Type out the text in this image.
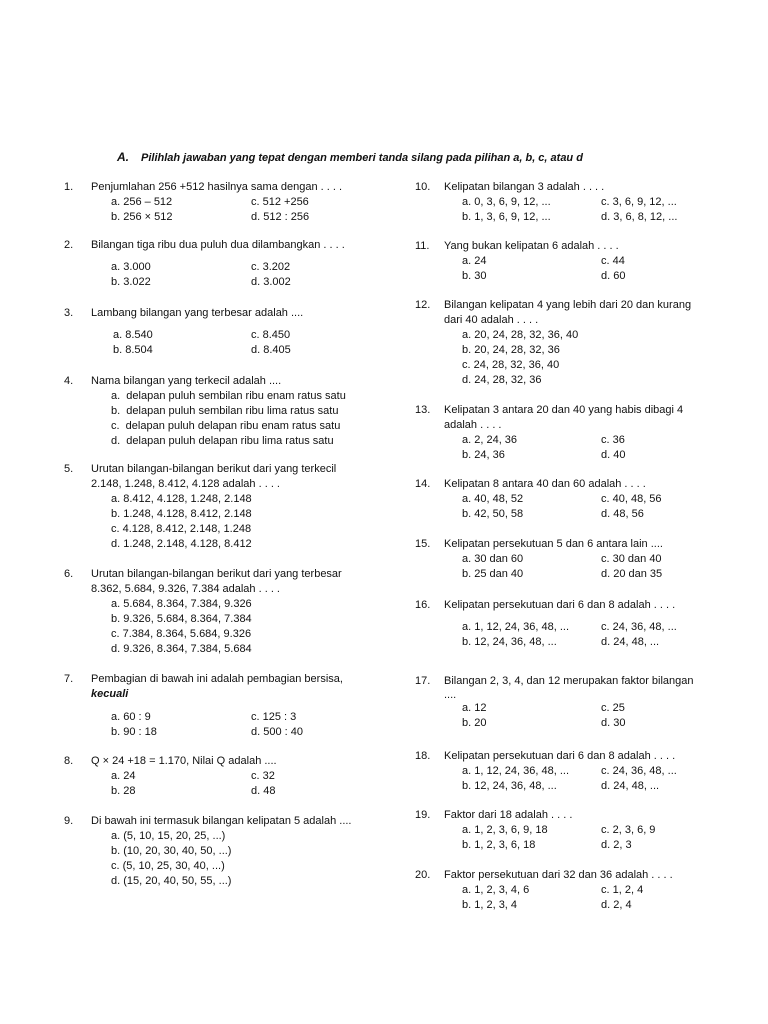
A. Pilihlah jawaban yang tepat dengan memberi tanda silang pada pilihan a, b, c, atau d
1. Penjumlahan 256 +512 hasilnya sama dengan . . . .
a. 256 – 512	c. 512 +256
b. 256 × 512	d. 512 : 256
2. Bilangan tiga ribu dua puluh dua dilambangkan . . . .
a. 3.000	c. 3.202
b. 3.022	d. 3.002
3. Lambang bilangan yang terbesar adalah ....
a. 8.540	c. 8.450
b. 8.504	d. 8.405
4. Nama bilangan yang terkecil adalah ....
a.  delapan puluh sembilan ribu enam ratus satu
b.  delapan puluh sembilan ribu lima ratus satu
c.  delapan puluh delapan ribu enam ratus satu
d.  delapan puluh delapan ribu lima ratus satu
5. Urutan bilangan-bilangan berikut dari yang terkecil
2.148, 1.248, 8.412, 4.128 adalah . . . .
a. 8.412, 4.128, 1.248, 2.148
b. 1.248, 4.128, 8.412, 2.148
c. 4.128, 8.412, 2.148, 1.248
d. 1.248, 2.148, 4.128, 8.412
6. Urutan bilangan-bilangan berikut dari yang terbesar
8.362, 5.684, 9.326, 7.384 adalah . . . .
a. 5.684, 8.364, 7.384, 9.326
b. 9.326, 5.684, 8.364, 7.384
c. 7.384, 8.364, 5.684, 9.326
d. 9.326, 8.364, 7.384, 5.684
7. Pembagian di bawah ini adalah pembagian bersisa,
kecuali
a. 60 : 9	c. 125 : 3
b. 90 : 18	d. 500 : 40
8. Q × 24 +18 = 1.170, Nilai Q adalah ....
a. 24	c. 32
b. 28	d. 48
9. Di bawah ini termasuk bilangan kelipatan 5 adalah ....
a. (5, 10, 15, 20, 25, ...)
b. (10, 20, 30, 40, 50, ...)
c. (5, 10, 25, 30, 40, ...)
d. (15, 20, 40, 50, 55, ...)
10. Kelipatan bilangan 3 adalah . . . .
a. 0, 3, 6, 9, 12, ...	c. 3, 6, 9, 12, ...
b. 1, 3, 6, 9, 12, ...	d. 3, 6, 8, 12, ...
11. Yang bukan kelipatan 6 adalah . . . .
a. 24	c. 44
b. 30	d. 60
12. Bilangan kelipatan 4 yang lebih dari 20 dan kurang
dari 40 adalah . . . .
a. 20, 24, 28, 32, 36, 40
b. 20, 24, 28, 32, 36
c. 24, 28, 32, 36, 40
d. 24, 28, 32, 36
13. Kelipatan 3 antara 20 dan 40 yang habis dibagi 4
adalah . . . .
a. 2, 24, 36	c. 36
b. 24, 36	d. 40
14. Kelipatan 8 antara 40 dan 60 adalah . . . .
a. 40, 48, 52	c. 40, 48, 56
b. 42, 50, 58	d. 48, 56
15. Kelipatan persekutuan 5 dan 6 antara lain ....
a. 30 dan 60	c. 30 dan 40
b. 25 dan 40	d. 20 dan 35
16. Kelipatan persekutuan dari 6 dan 8 adalah . . . .
a. 1, 12, 24, 36, 48, ...	c. 24, 36, 48, ...
b. 12, 24, 36, 48, ...	d. 24, 48, ...
17. Bilangan 2, 3, 4, dan 12 merupakan faktor bilangan
....
a. 12	c. 25
b. 20	d. 30
18. Kelipatan persekutuan dari 6 dan 8 adalah . . . .
a. 1, 12, 24, 36, 48, ...	c. 24, 36, 48, ...
b. 12, 24, 36, 48, ...	d. 24, 48, ...
19. Faktor dari 18 adalah . . . .
a. 1, 2, 3, 6, 9, 18	c. 2, 3, 6, 9
b. 1, 2, 3, 6, 18	d. 2, 3
20. Faktor persekutuan dari 32 dan 36 adalah . . . .
a. 1, 2, 3, 4, 6	c. 1, 2, 4
b. 1, 2, 3, 4	d. 2, 4
